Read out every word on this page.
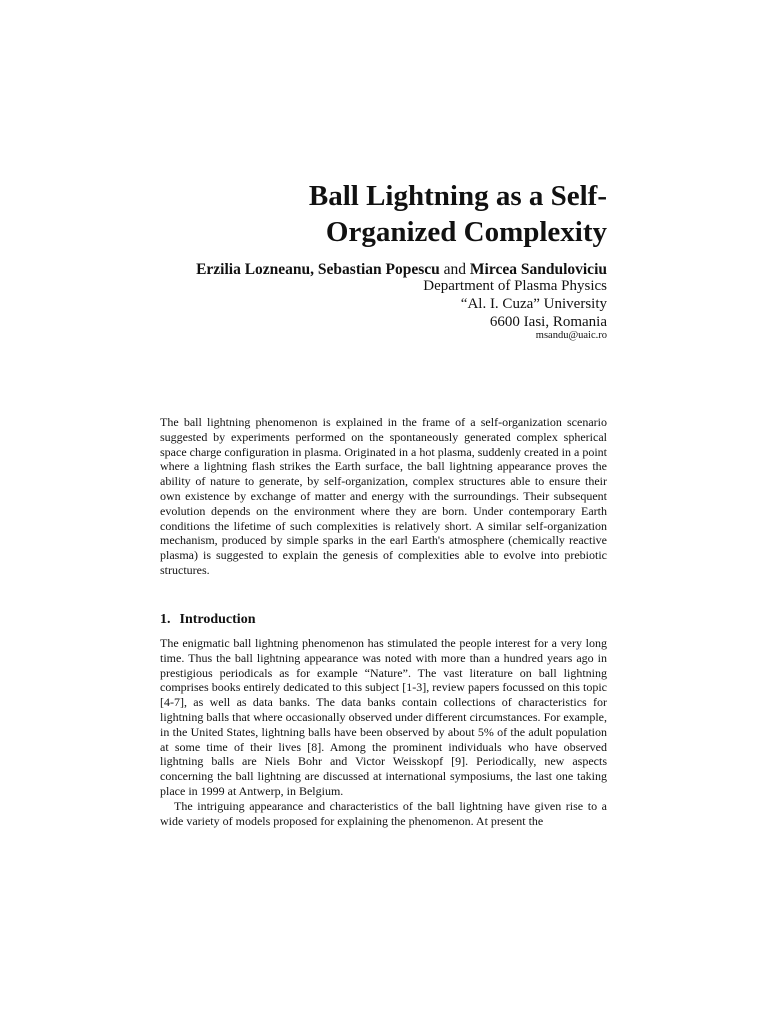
Ball Lightning as a Self-
Organized Complexity

Erzilia Lozneanu, Sebastian Popescu and Mircea Sanduloviciu

Department of Plasma Physics
“Al. I. Cuza” University
6600 Iasi, Romania
msandu@uaic.ro

The ball lightning phenomenon is explained in the frame of a self-organization scenario suggested by experiments performed on the spontaneously generated complex spherical space charge configuration in plasma. Originated in a hot plasma, suddenly created in a point where a lightning flash strikes the Earth surface, the ball lightning appearance proves the ability of nature to generate, by self-organization, complex structures able to ensure their own existence by exchange of matter and energy with the surroundings. Their subsequent evolution depends on the environment where they are born. Under contemporary Earth conditions the lifetime of such complexities is relatively short. A similar self-organization mechanism, produced by simple sparks in the earl Earth's atmosphere (chemically reactive plasma) is suggested to explain the genesis of complexities able to evolve into prebiotic structures.

1. Introduction

The enigmatic ball lightning phenomenon has stimulated the people interest for a very long time. Thus the ball lightning appearance was noted with more than a hundred years ago in prestigious periodicals as for example “Nature”. The vast literature on ball lightning comprises books entirely dedicated to this subject [1-3], review papers focussed on this topic [4-7], as well as data banks. The data banks contain collections of characteristics for lightning balls that where occasionally observed under different circumstances. For example, in the United States, lightning balls have been observed by about 5% of the adult population at some time of their lives [8]. Among the prominent individuals who have observed lightning balls are Niels Bohr and Victor Weisskopf [9]. Periodically, new aspects concerning the ball lightning are discussed at international symposiums, the last one taking place in 1999 at Antwerp, in Belgium.

The intriguing appearance and characteristics of the ball lightning have given rise to a wide variety of models proposed for explaining the phenomenon. At present the
